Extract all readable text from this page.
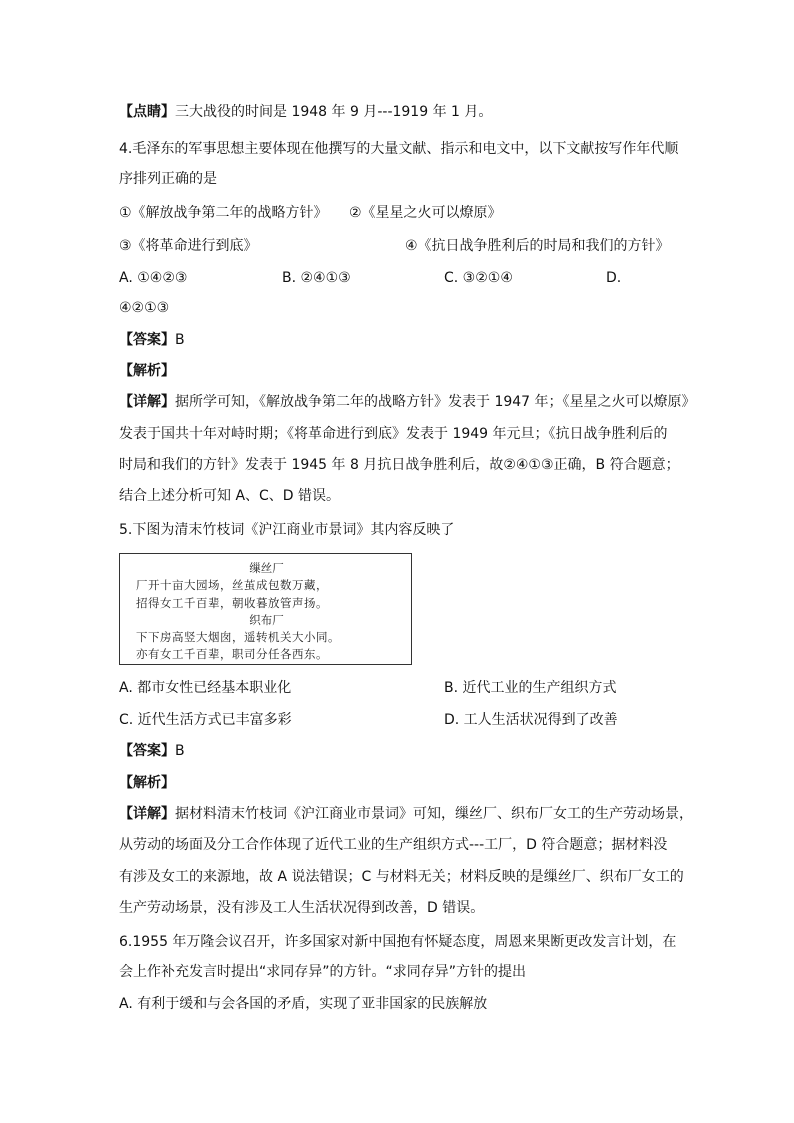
【点睛】三大战役的时间是 1948 年 9 月---1919 年 1 月。
4.毛泽东的军事思想主要体现在他撰写的大量文献、指示和电文中，以下文献按写作年代顺
序排列正确的是
①《解放战争第二年的战略方针》 ②《星星之火可以燎原》
③《将革命进行到底》	④《抗日战争胜利后的时局和我们的方针》
A. ①④②③	B. ②④①③	C. ③②①④	D.
④②①③
【答案】B
【解析】
【详解】据所学可知，《解放战争第二年的战略方针》发表于 1947 年；《星星之火可以燎原》
发表于国共十年对峙时期；《将革命进行到底》发表于 1949 年元旦；《抗日战争胜利后的
时局和我们的方针》发表于 1945 年 8 月抗日战争胜利后，故②④①③正确，B 符合题意；
结合上述分析可知 A、C、D 错误。
5.下图为清末竹枝词《沪江商业市景词》其内容反映了
缫丝厂
厂开十亩大园场，丝茧成包数万藏，
招得女工千百辈，朝收暮放管声扬。
织布厂
下下房高竖大烟囱，遥转机关大小同。
亦有女工千百辈，职司分任各西东。
A. 都市女性已经基本职业化	B. 近代工业的生产组织方式
C. 近代生活方式已丰富多彩	D. 工人生活状况得到了改善
【答案】B
【解析】
【详解】据材料清末竹枝词《沪江商业市景词》可知，缫丝厂、织布厂女工的生产劳动场景，
从劳动的场面及分工合作体现了近代工业的生产组织方式---工厂，D 符合题意；据材料没
有涉及女工的来源地，故 A 说法错误；C 与材料无关；材料反映的是缫丝厂、织布厂女工的
生产劳动场景，没有涉及工人生活状况得到改善，D 错误。
6.1955 年万隆会议召开，许多国家对新中国抱有怀疑态度，周恩来果断更改发言计划，在
会上作补充发言时提出“求同存异”的方针。“求同存异”方针的提出
A. 有利于缓和与会各国的矛盾，实现了亚非国家的民族解放
